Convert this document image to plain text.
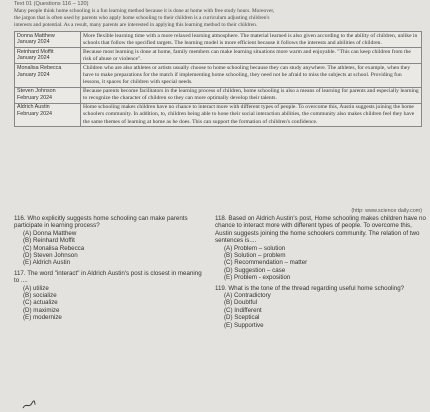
Text 01 (Questions 116 – 120)
Many people think home schooling is a fun learning method because it is done at home with free study hours. Moreover,
the jargon that is often used by parents who apply home schooling to their children is a curriculum adjusting children's
interests and potential. As a result, many parents are interested in applying this learning method to their children.
Donna Matthew
January 2024	More flexible learning time with a more relaxed learning atmosphere. The material learned is also given according to the ability of children, unlike in schools that follow the specified targets. The learning model is more efficient because it follows the interests and abilities of children.

Reinhard Moffit
January 2024	Because most learning is done at home, family members can make learning situations more warm and enjoyable. "This can keep children from the risk of abuse or violence".

Monalisa Rebecca
January 2024	Children who are also athletes or artists usually choose to home schooling because they can study anywhere. The athletes, for example, when they have to make preparations for the match if implementing home schooling, they need not be afraid to miss the subjects at school. Providing fun lessons, it spaces for children with special needs.

Steven Johnson
February 2024	Because parents become facilitators in the learning process of children, home schooling is also a means of learning for parents and especially learning to recognize the character of children so they can more optimally develop their talents.

Aldrich Austin
February 2024	Home schooling makes children have no chance to interact more with different types of people. To overcome this, Austin suggests joining the home schoolers community. In addition, to, children being able to hone their social interaction abilities, the community also makes children feel they have the same themes of learning at home as he does. This can support the formation of children's confidence.
(http: www.science daily.com)
116. Who explicitly suggests home schooling can make parents participate in learning process?
(A) Donna Matthew
(B) Reinhard Moffit
(C) Monalisa Rebecca
(D) Steven Johnson
(E) Aldrich Austin
117. The word "interact" in Aldrich Austin's post is closest in meaning to ....
(A) utilize
(B) socialize
(C) actualize
(D) maximize
(E) modernize
118. Based on Aldrich Austin's post, Home schooling makes children have no chance to interact more with different types of people. To overcome this, Austin suggests joining the home schoolers community. The relation of two sentences is....
(A) Problem – solution
(B) Solution – problem
(C) Recommendation – matter
(D) Suggestion – case
(E) Problem - exposition
119. What is the tone of the thread regarding useful home schooling?
(A) Contradictory
(B) Doubtful
(C) Indifferent
(D) Sceptical
(E) Supportive
